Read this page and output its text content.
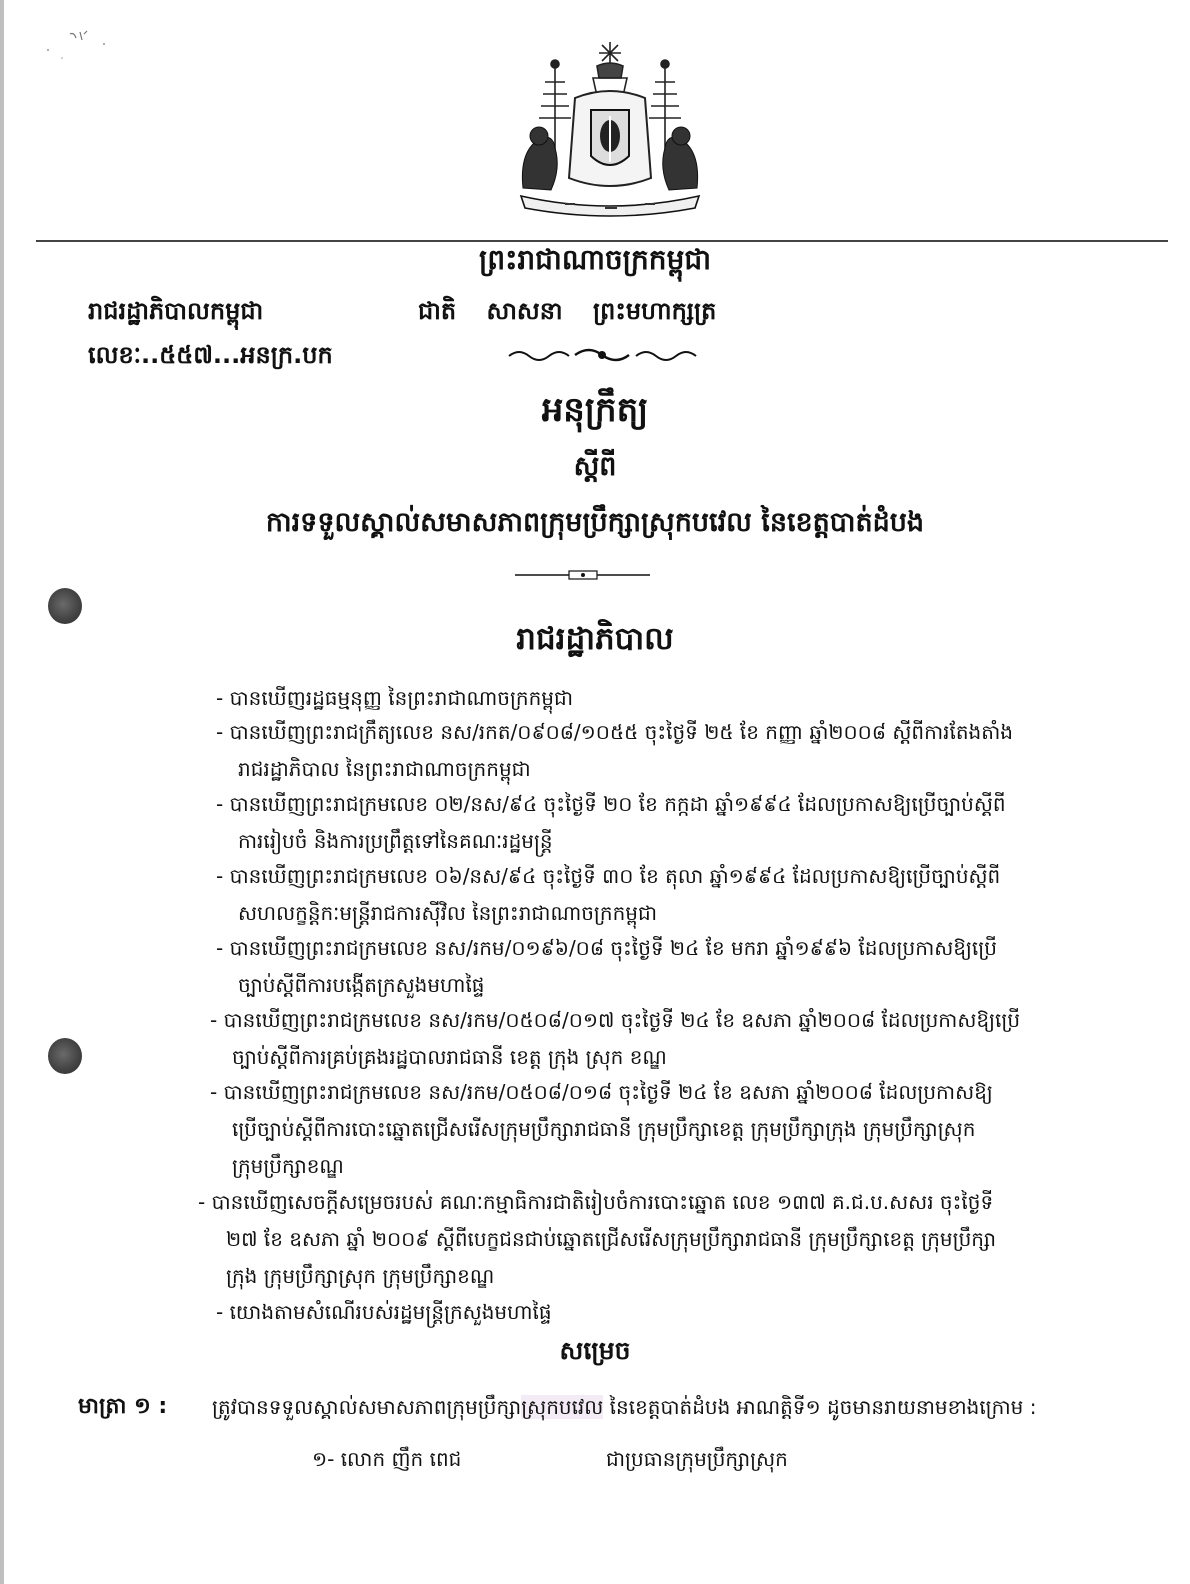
ព្រះរាជាណាចក្រកម្ពុជា
រាជរដ្ឋាភិបាលកម្ពុជា	ជាតិ សាសនា ព្រះមហាក្សត្រ
លេខៈ..៥៥៧...អនក្រ.បក
អនុក្រឹត្យ
ស្តីពី
ការទទួលស្គាល់សមាសភាពក្រុមប្រឹក្សាស្រុកបវេល នៃខេត្តបាត់ដំបង
រាជរដ្ឋាភិបាល
- បានឃើញរដ្ឋធម្មនុញ្ញ នៃព្រះរាជាណាចក្រកម្ពុជា
- បានឃើញព្រះរាជក្រឹត្យលេខ នស/រកត/០៩០៨/១០៥៥ ចុះថ្ងៃទី ២៥ ខែ កញ្ញា ឆ្នាំ២០០៨ ស្តីពីការតែងតាំង
រាជរដ្ឋាភិបាល នៃព្រះរាជាណាចក្រកម្ពុជា
- បានឃើញព្រះរាជក្រមលេខ ០២/នស/៩៤ ចុះថ្ងៃទី ២០ ខែ កក្កដា ឆ្នាំ១៩៩៤ ដែលប្រកាសឱ្យប្រើច្បាប់ស្តីពី
ការរៀបចំ និងការប្រព្រឹត្តទៅនៃគណៈរដ្ឋមន្ត្រី
- បានឃើញព្រះរាជក្រមលេខ ០៦/នស/៩៤ ចុះថ្ងៃទី ៣០ ខែ តុលា ឆ្នាំ១៩៩៤ ដែលប្រកាសឱ្យប្រើច្បាប់ស្តីពី
សហលក្ខន្តិកៈមន្ត្រីរាជការស៊ីវិល នៃព្រះរាជាណាចក្រកម្ពុជា
- បានឃើញព្រះរាជក្រមលេខ នស/រកម/០១៩៦/០៨ ចុះថ្ងៃទី ២៤ ខែ មករា ឆ្នាំ១៩៩៦ ដែលប្រកាសឱ្យប្រើ
ច្បាប់ស្តីពីការបង្កើតក្រសួងមហាផ្ទៃ
- បានឃើញព្រះរាជក្រមលេខ នស/រកម/០៥០៨/០១៧ ចុះថ្ងៃទី ២៤ ខែ ឧសភា ឆ្នាំ២០០៨ ដែលប្រកាសឱ្យប្រើ
ច្បាប់ស្តីពីការគ្រប់គ្រងរដ្ឋបាលរាជធានី ខេត្ត ក្រុង ស្រុក ខណ្ឌ
- បានឃើញព្រះរាជក្រមលេខ នស/រកម/០៥០៨/០១៨ ចុះថ្ងៃទី ២៤ ខែ ឧសភា ឆ្នាំ២០០៨ ដែលប្រកាសឱ្យ
ប្រើច្បាប់ស្តីពីការបោះឆ្នោតជ្រើសរើសក្រុមប្រឹក្សារាជធានី ក្រុមប្រឹក្សាខេត្ត ក្រុមប្រឹក្សាក្រុង ក្រុមប្រឹក្សាស្រុក
ក្រុមប្រឹក្សាខណ្ឌ
- បានឃើញសេចក្តីសម្រេចរបស់ គណៈកម្មាធិការជាតិរៀបចំការបោះឆ្នោត លេខ ១៣៧ គ.ជ.ប.សសរ ចុះថ្ងៃទី
២៧ ខែ ឧសភា ឆ្នាំ ២០០៩ ស្តីពីបេក្ខជនជាប់ឆ្នោតជ្រើសរើសក្រុមប្រឹក្សារាជធានី ក្រុមប្រឹក្សាខេត្ត ក្រុមប្រឹក្សា
ក្រុង ក្រុមប្រឹក្សាស្រុក ក្រុមប្រឹក្សាខណ្ឌ
- យោងតាមសំណើរបស់រដ្ឋមន្ត្រីក្រសួងមហាផ្ទៃ
សម្រេច
មាត្រា ១ : ត្រូវបានទទួលស្គាល់សមាសភាពក្រុមប្រឹក្សាស្រុកបវេល នៃខេត្តបាត់ដំបង អាណត្តិទី១ ដូចមានរាយនាមខាងក្រោម :
១- លោក ញឹក ពេជ	ជាប្រធានក្រុមប្រឹក្សាស្រុក
